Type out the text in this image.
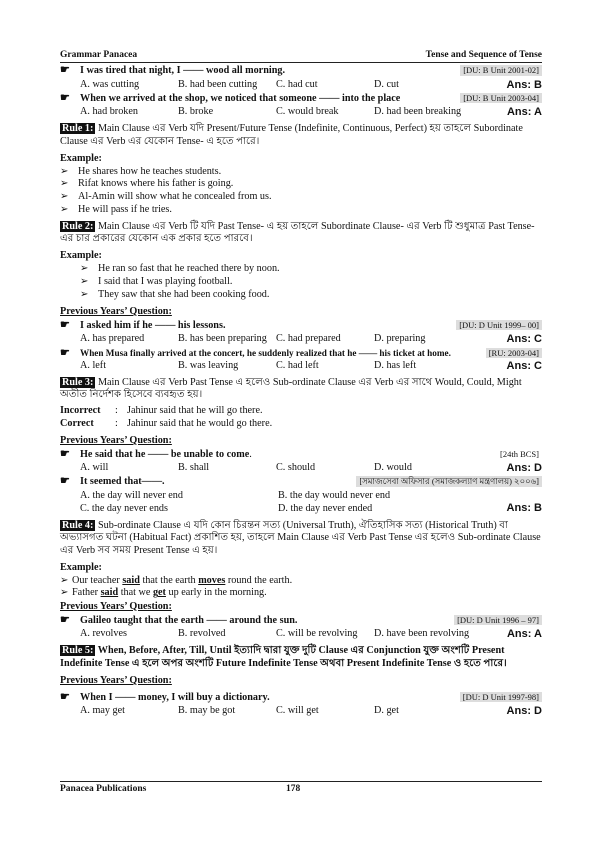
Grammar Panacea	Tense and Sequence of Tense
☛ I was tired that night, I —— wood all morning.	[DU: B Unit 2001-02]
A. was cutting	B. had been cutting	C. had cut	D. cut	Ans: B
☛ When we arrived at the shop, we noticed that someone —— into the place	[DU: B Unit 2003-04]
A. had broken	B. broke	C. would break	D. had been breaking	Ans: A
Rule 1: Main Clause এর Verb যদি Present/Future Tense (Indefinite, Continuous, Perfect) হয় তাহলে Subordinate Clause এর Verb এর যেকোন Tense- এ হতে পারে।
Example:
➢ He shares how he teaches students.
➢ Rifat knows where his father is going.
➢ Al-Amin will show what he concealed from us.
➢ He will pass if he tries.
Rule 2: Main Clause এর Verb টি যদি Past Tense- এ হয় তাহলে Subordinate Clause- এর Verb টি শুধুমাত্র Past Tense-এর চার প্রকারের যেকোন এক প্রকার হতে পারবে।
Example:
➢ He ran so fast that he reached there by noon.
➢ I said that I was playing football.
➢ They saw that she had been cooking food.
Previous Years’ Question:
☛ I asked him if he —— his lessons.	[DU: D Unit 1999– 00]
A. has prepared	B. has been preparing C. had prepared	D. preparing	Ans: C
☛	When Musa finally arrived at the concert, he suddenly realized that he —— his ticket at home.	[RU: 2003-04]
A. left	B. was leaving	C. had left	D. has left	Ans: C
Rule 3: Main Clause এর Verb Past Tense এ হলেও Sub-ordinate Clause এর Verb এর সাথে Would, Could, Might অতীত নির্দেশক হিসেবে ব্যবহৃত হয়।
Incorrect	: Jahinur said that he will go there.
Correct	: Jahinur said that he would go there.
Previous Years’ Question:
☛ He said that he —— be unable to come.	[24th BCS]
A. will	B. shall	C. should	D. would	Ans: D
☛ It seemed that——.	[সমাজসেবা অফিসার (সমাজকল্যাণ মন্ত্রণালয়) ২০০৬]
A. the day will never end	B. the day would never end
C. the day never ends	D. the day never ended	Ans: B
Rule 4: Sub-ordinate Clause এ যদি কোন চিরন্তন সত্য (Universal Truth), ঐতিহাসিক সত্য (Historical Truth) বা অভ্যাসগত ঘটনা (Habitual Fact) প্রকাশিত হয়, তাহলে Main Clause এর Verb Past Tense এর হলেও Sub-ordinate Clause এর Verb সব সময় Present Tense এ হয়।
Example:
➢ Our teacher said that the earth moves round the earth.
➢ Father said that we get up early in the morning.
Previous Years’ Question:
☛ Galileo taught that the earth —— around the sun.	[DU: D Unit 1996 – 97]
A. revolves	B. revolved	C. will be revolving	D. have been revolving	Ans: A
Rule 5: When, Before, After, Till, Until ইত্যাদি দ্বারা যুক্ত দুটি Clause এর Conjunction যুক্ত অংশটি Present Indefinite Tense এ হলে অপর অংশটি Future Indefinite Tense অথবা Present Indefinite Tense ও হতে পারে।
Previous Years’ Question:
☛ When I —— money, I will buy a dictionary.	[DU: D Unit 1997-98]
A. may get	B. may be got	C. will get	D. get	Ans: D
Panacea Publications	178
